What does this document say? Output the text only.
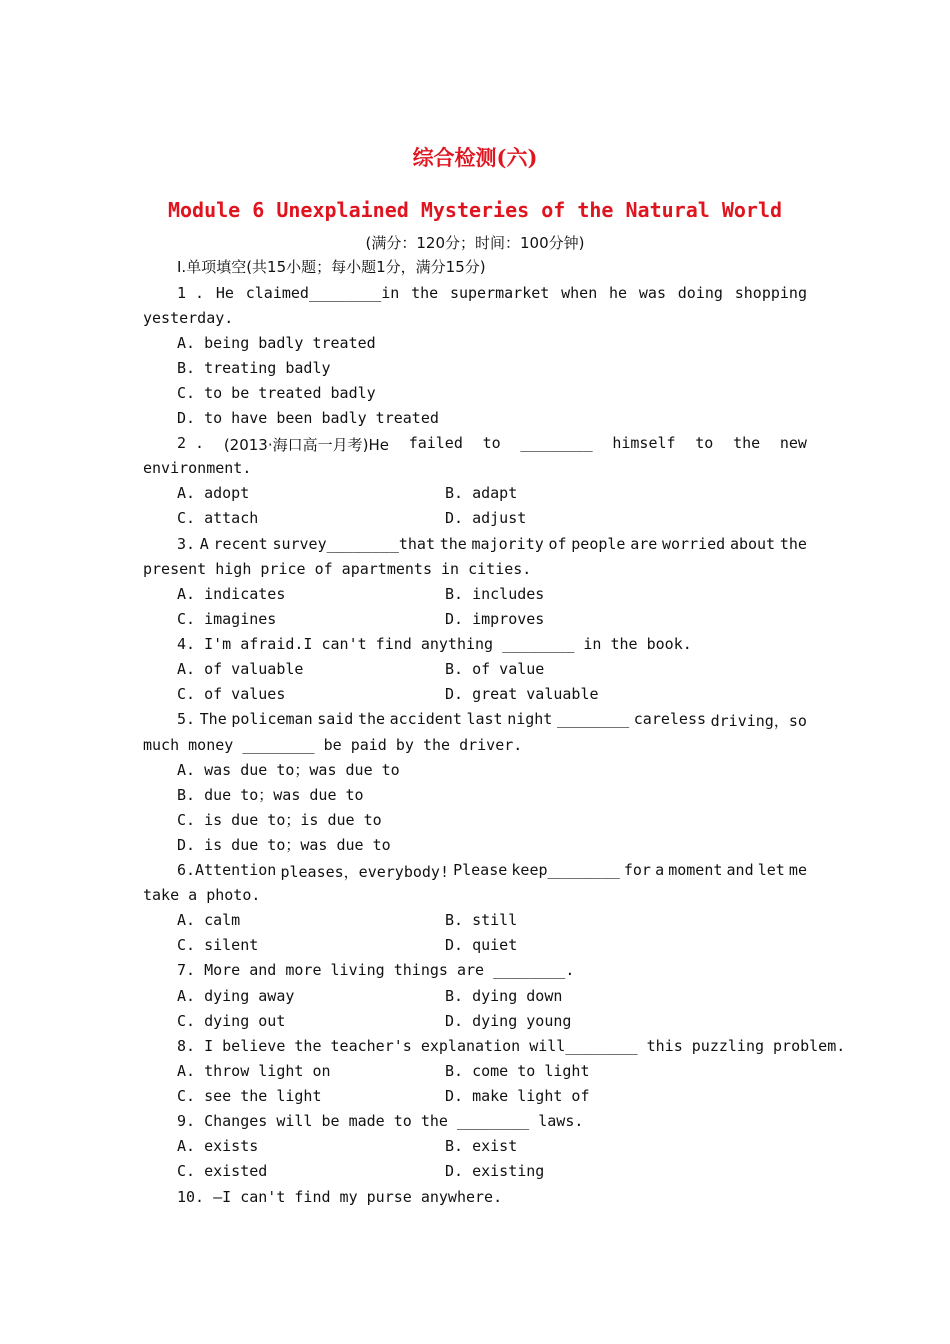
综合检测(六)
Module 6 Unexplained Mysteries of the Natural World
(满分：120分；时间：100分钟)
Ⅰ.单项填空(共15小题；每小题1分，满分15分)
1 . He claimed________in the supermarket when he was doing shopping
yesterday.
A. being badly treated
B. treating badly
C. to be treated badly
D. to have been badly treated
2 . (2013·海口高一月考)He failed to ________ himself to the new
environment.
A. adopt	B. adapt
C. attach	D. adjust
3. A recent survey________that the majority of people are worried about the
present high price of apartments in cities.
A. indicates	B. includes
C. imagines	D. improves
4. I'm afraid.I can't find anything ________ in the book.
A. of valuable	B. of value
C. of values	D. great valuable
5. The policeman said the accident last night ________ careless driving，so
much money ________ be paid by the driver.
A. was due to；was due to
B. due to；was due to
C. is due to；is due to
D. is due to；was due to
6.Attention pleases，everybody! Please keep________ for a moment and let me
take a photo.
A. calm	B. still
C. silent	D. quiet
7. More and more living things are ________.
A. dying away	B. dying down
C. dying out	D. dying young
8. I believe the teacher's explanation will________ this puzzling problem.
A. throw light on	B. come to light
C. see the light	D. make light of
9. Changes will be made to the ________ laws.
A. exists	B. exist
C. existed	D. existing
10. —I can't find my purse anywhere.
